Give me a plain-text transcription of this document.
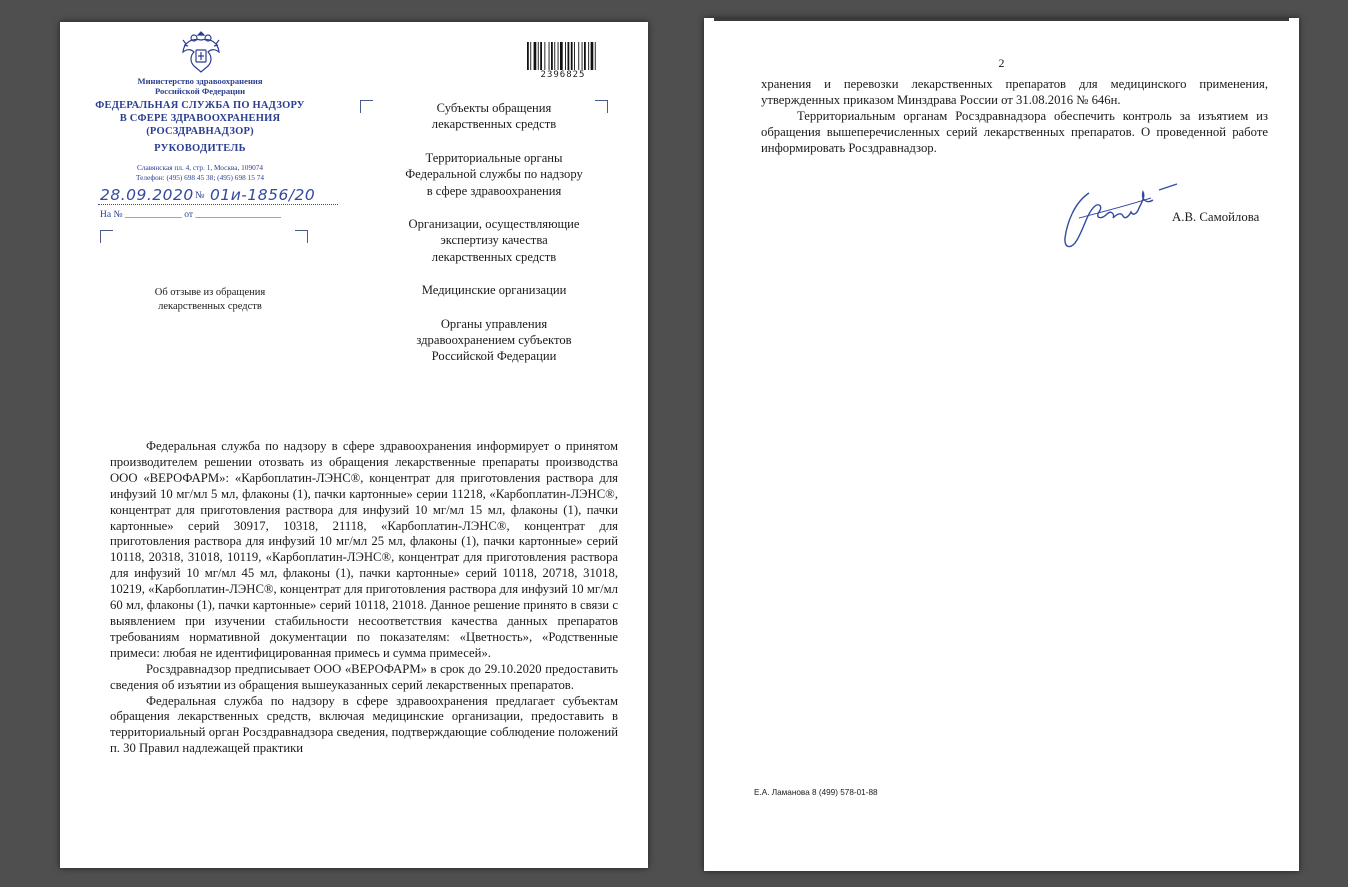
Министерство здравоохранения
Российской Федерации
ФЕДЕРАЛЬНАЯ СЛУЖБА ПО НАДЗОРУ
В СФЕРЕ ЗДРАВООХРАНЕНИЯ
(РОСЗДРАВНАДЗОР)
РУКОВОДИТЕЛЬ
Славянская пл. 4, стр. 1, Москва, 109074
Телефон: (495) 698 45 38; (495) 698 15 74
28.09.2020 № 01и-1856/20
На № ____________ от __________________
Об отзыве из обращения
лекарственных средств
2396825
Субъекты обращения
лекарственных средств
Территориальные органы
Федеральной службы по надзору
в сфере здравоохранения
Организации, осуществляющие
экспертизу качества
лекарственных средств
Медицинские организации
Органы управления
здравоохранением субъектов
Российской Федерации

Федеральная служба по надзору в сфере здравоохранения информирует о принятом производителем решении отозвать из обращения лекарственные препараты производства ООО «ВЕРОФАРМ»: «Карбоплатин-ЛЭНС®, концентрат для приготовления раствора для инфузий 10 мг/мл 5 мл, флаконы (1), пачки картонные» серии 11218, «Карбоплатин-ЛЭНС®, концентрат для приготовления раствора для инфузий 10 мг/мл 15 мл, флаконы (1), пачки картонные» серий 30917, 10318, 21118, «Карбоплатин-ЛЭНС®, концентрат для приготовления раствора для инфузий 10 мг/мл 25 мл, флаконы (1), пачки картонные» серий 10118, 20318, 31018, 10119, «Карбоплатин-ЛЭНС®, концентрат для приготовления раствора для инфузий 10 мг/мл 45 мл, флаконы (1), пачки картонные» серий 10118, 20718, 31018, 10219, «Карбоплатин-ЛЭНС®, концентрат для приготовления раствора для инфузий 10 мг/мл 60 мл, флаконы (1), пачки картонные» серий 10118, 21018. Данное решение принято в связи с выявлением при изучении стабильности несоответствия качества данных препаратов требованиям нормативной документации по показателям: «Цветность», «Родственные примеси: любая не идентифицированная примесь и сумма примесей».

Росздравнадзор предписывает ООО «ВЕРОФАРМ» в срок до 29.10.2020 предоставить сведения об изъятии из обращения вышеуказанных серий лекарственных препаратов.

Федеральная служба по надзору в сфере здравоохранения предлагает субъектам обращения лекарственных средств, включая медицинские организации, предоставить в территориальный орган Росздравнадзора сведения, подтверждающие соблюдение положений п. 30 Правил надлежащей практики

2

хранения и перевозки лекарственных препаратов для медицинского применения, утвержденных приказом Минздрава России от 31.08.2016 № 646н.

Территориальным органам Росздравнадзора обеспечить контроль за изъятием из обращения вышеперечисленных серий лекарственных препаратов. О проведенной работе информировать Росздравнадзор.

А.В. Самойлова
Е.А. Ламанова 8 (499) 578-01-88
